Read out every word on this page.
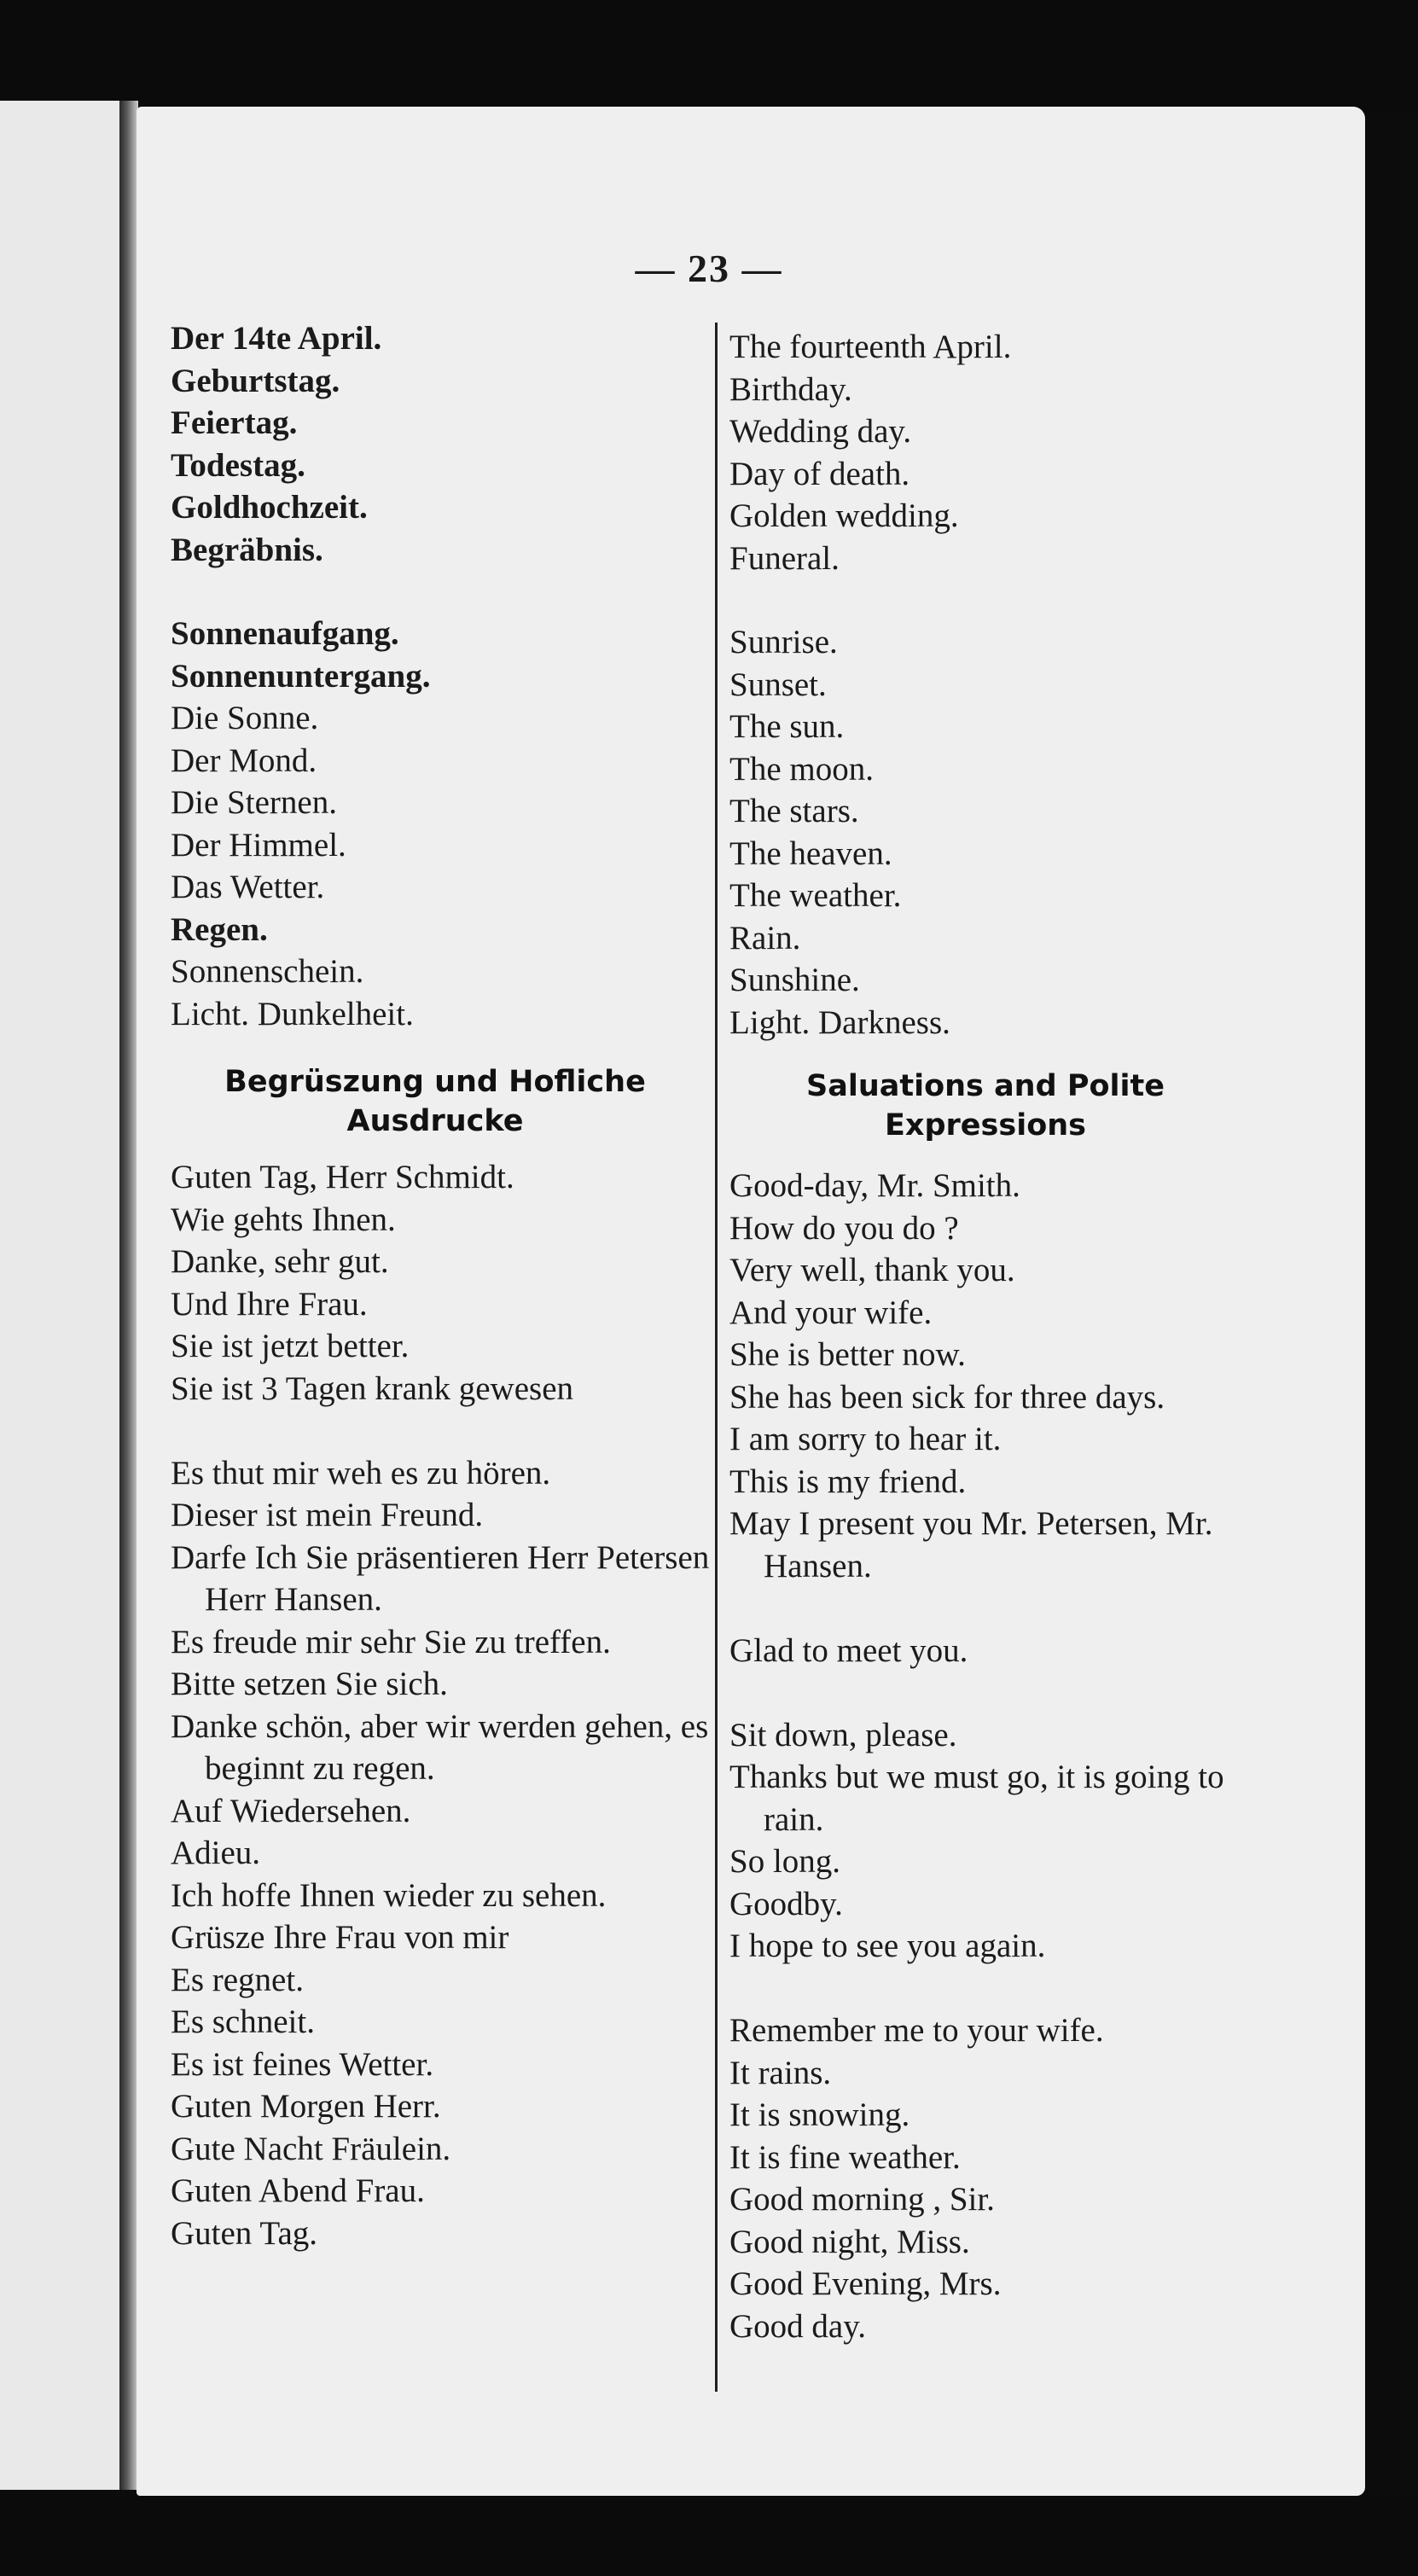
— 23 —
Der 14te April.
Geburtstag.
Feiertag.
Todestag.
Goldhochzeit.
Begräbnis.
Sonnenaufgang.
Sonnenuntergang.
Die Sonne.
Der Mond.
Die Sternen.
Der Himmel.
Das Wetter.
Regen.
Sonnenschein.
Licht. Dunkelheit.
Begrüszung und Hofliche Ausdrucke
Guten Tag, Herr Schmidt.
Wie gehts Ihnen.
Danke, sehr gut.
Und Ihre Frau.
Sie ist jetzt better.
Sie ist 3 Tagen krank gewesen
Es thut mir weh es zu hören.
Dieser ist mein Freund.
Darfe Ich Sie präsentieren Herr Petersen Herr Hansen.
Es freude mir sehr Sie zu treffen.
Bitte setzen Sie sich.
Danke schön, aber wir werden gehen, es beginnt zu regen.
Auf Wiedersehen.
Adieu.
Ich hoffe Ihnen wieder zu sehen.
Grüsze Ihre Frau von mir
Es regnet.
Es schneit.
Es ist feines Wetter.
Guten Morgen Herr.
Gute Nacht Fräulein.
Guten Abend Frau.
Guten Tag.
The fourteenth April.
Birthday.
Wedding day.
Day of death.
Golden wedding.
Funeral.
Sunrise.
Sunset.
The sun.
The moon.
The stars.
The heaven.
The weather.
Rain.
Sunshine.
Light. Darkness.
Saluations and Polite Expressions
Good-day, Mr. Smith.
How do you do ?
Very well, thank you.
And your wife.
She is better now.
She has been sick for three days.
I am sorry to hear it.
This is my friend.
May I present you Mr. Petersen, Mr. Hansen.
Glad to meet you.
Sit down, please.
Thanks but we must go, it is going to rain.
So long.
Goodby.
I hope to see you again.
Remember me to your wife.
It rains.
It is snowing.
It is fine weather.
Good morning , Sir.
Good night, Miss.
Good Evening, Mrs.
Good day.
